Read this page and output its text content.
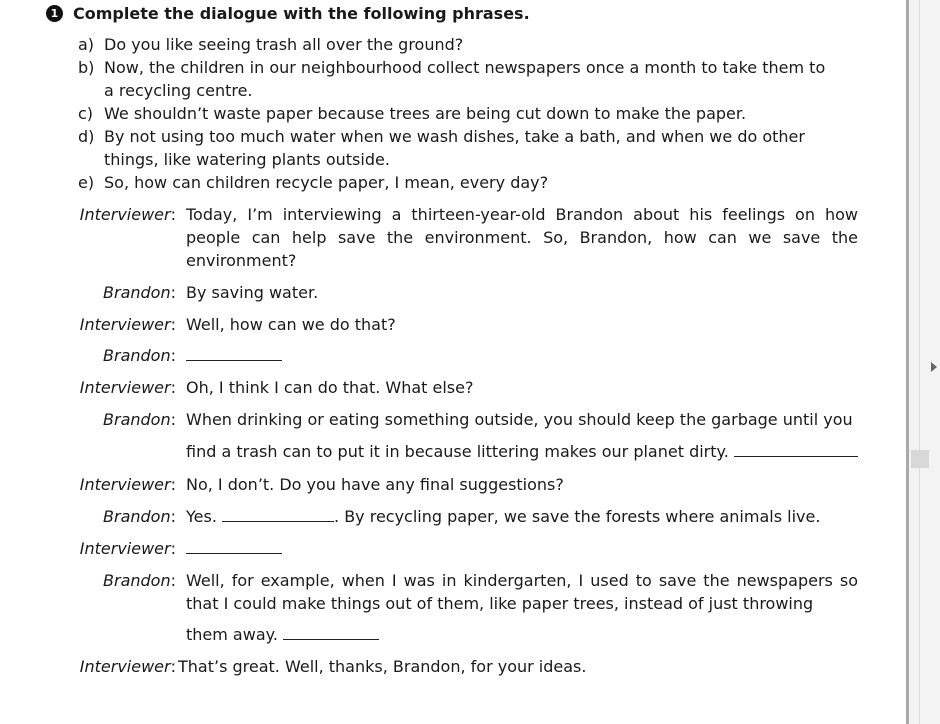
1 Complete the dialogue with the following phrases.
a) Do you like seeing trash all over the ground?
b) Now, the children in our neighbourhood collect newspapers once a month to take them to
a recycling centre.
c) We shouldn’t waste paper because trees are being cut down to make the paper.
d) By not using too much water when we wash dishes, take a bath, and when we do other
things, like watering plants outside.
e) So, how can children recycle paper, I mean, every day?
Interviewer : Today, I’m interviewing a thirteen-year-old Brandon about his feelings on how people can help save the environment. So, Brandon, how can we save the environment?
Brandon : By saving water.
Interviewer : Well, how can we do that?
Brandon :
Interviewer : Oh, I think I can do that. What else?
Brandon : When drinking or eating something outside, you should keep the garbage until you
find a trash can to put it in because littering makes our planet dirty.
Interviewer : No, I don’t. Do you have any final suggestions?
Brandon : Yes.	. By recycling paper, we save the forests where animals live.
Interviewer :
Brandon : Well, for example, when I was in kindergarten, I used to save the newspapers so that I could make things out of them, like paper trees, instead of just throwing
them away.
Interviewer : That’s great. Well, thanks, Brandon, for your ideas.
